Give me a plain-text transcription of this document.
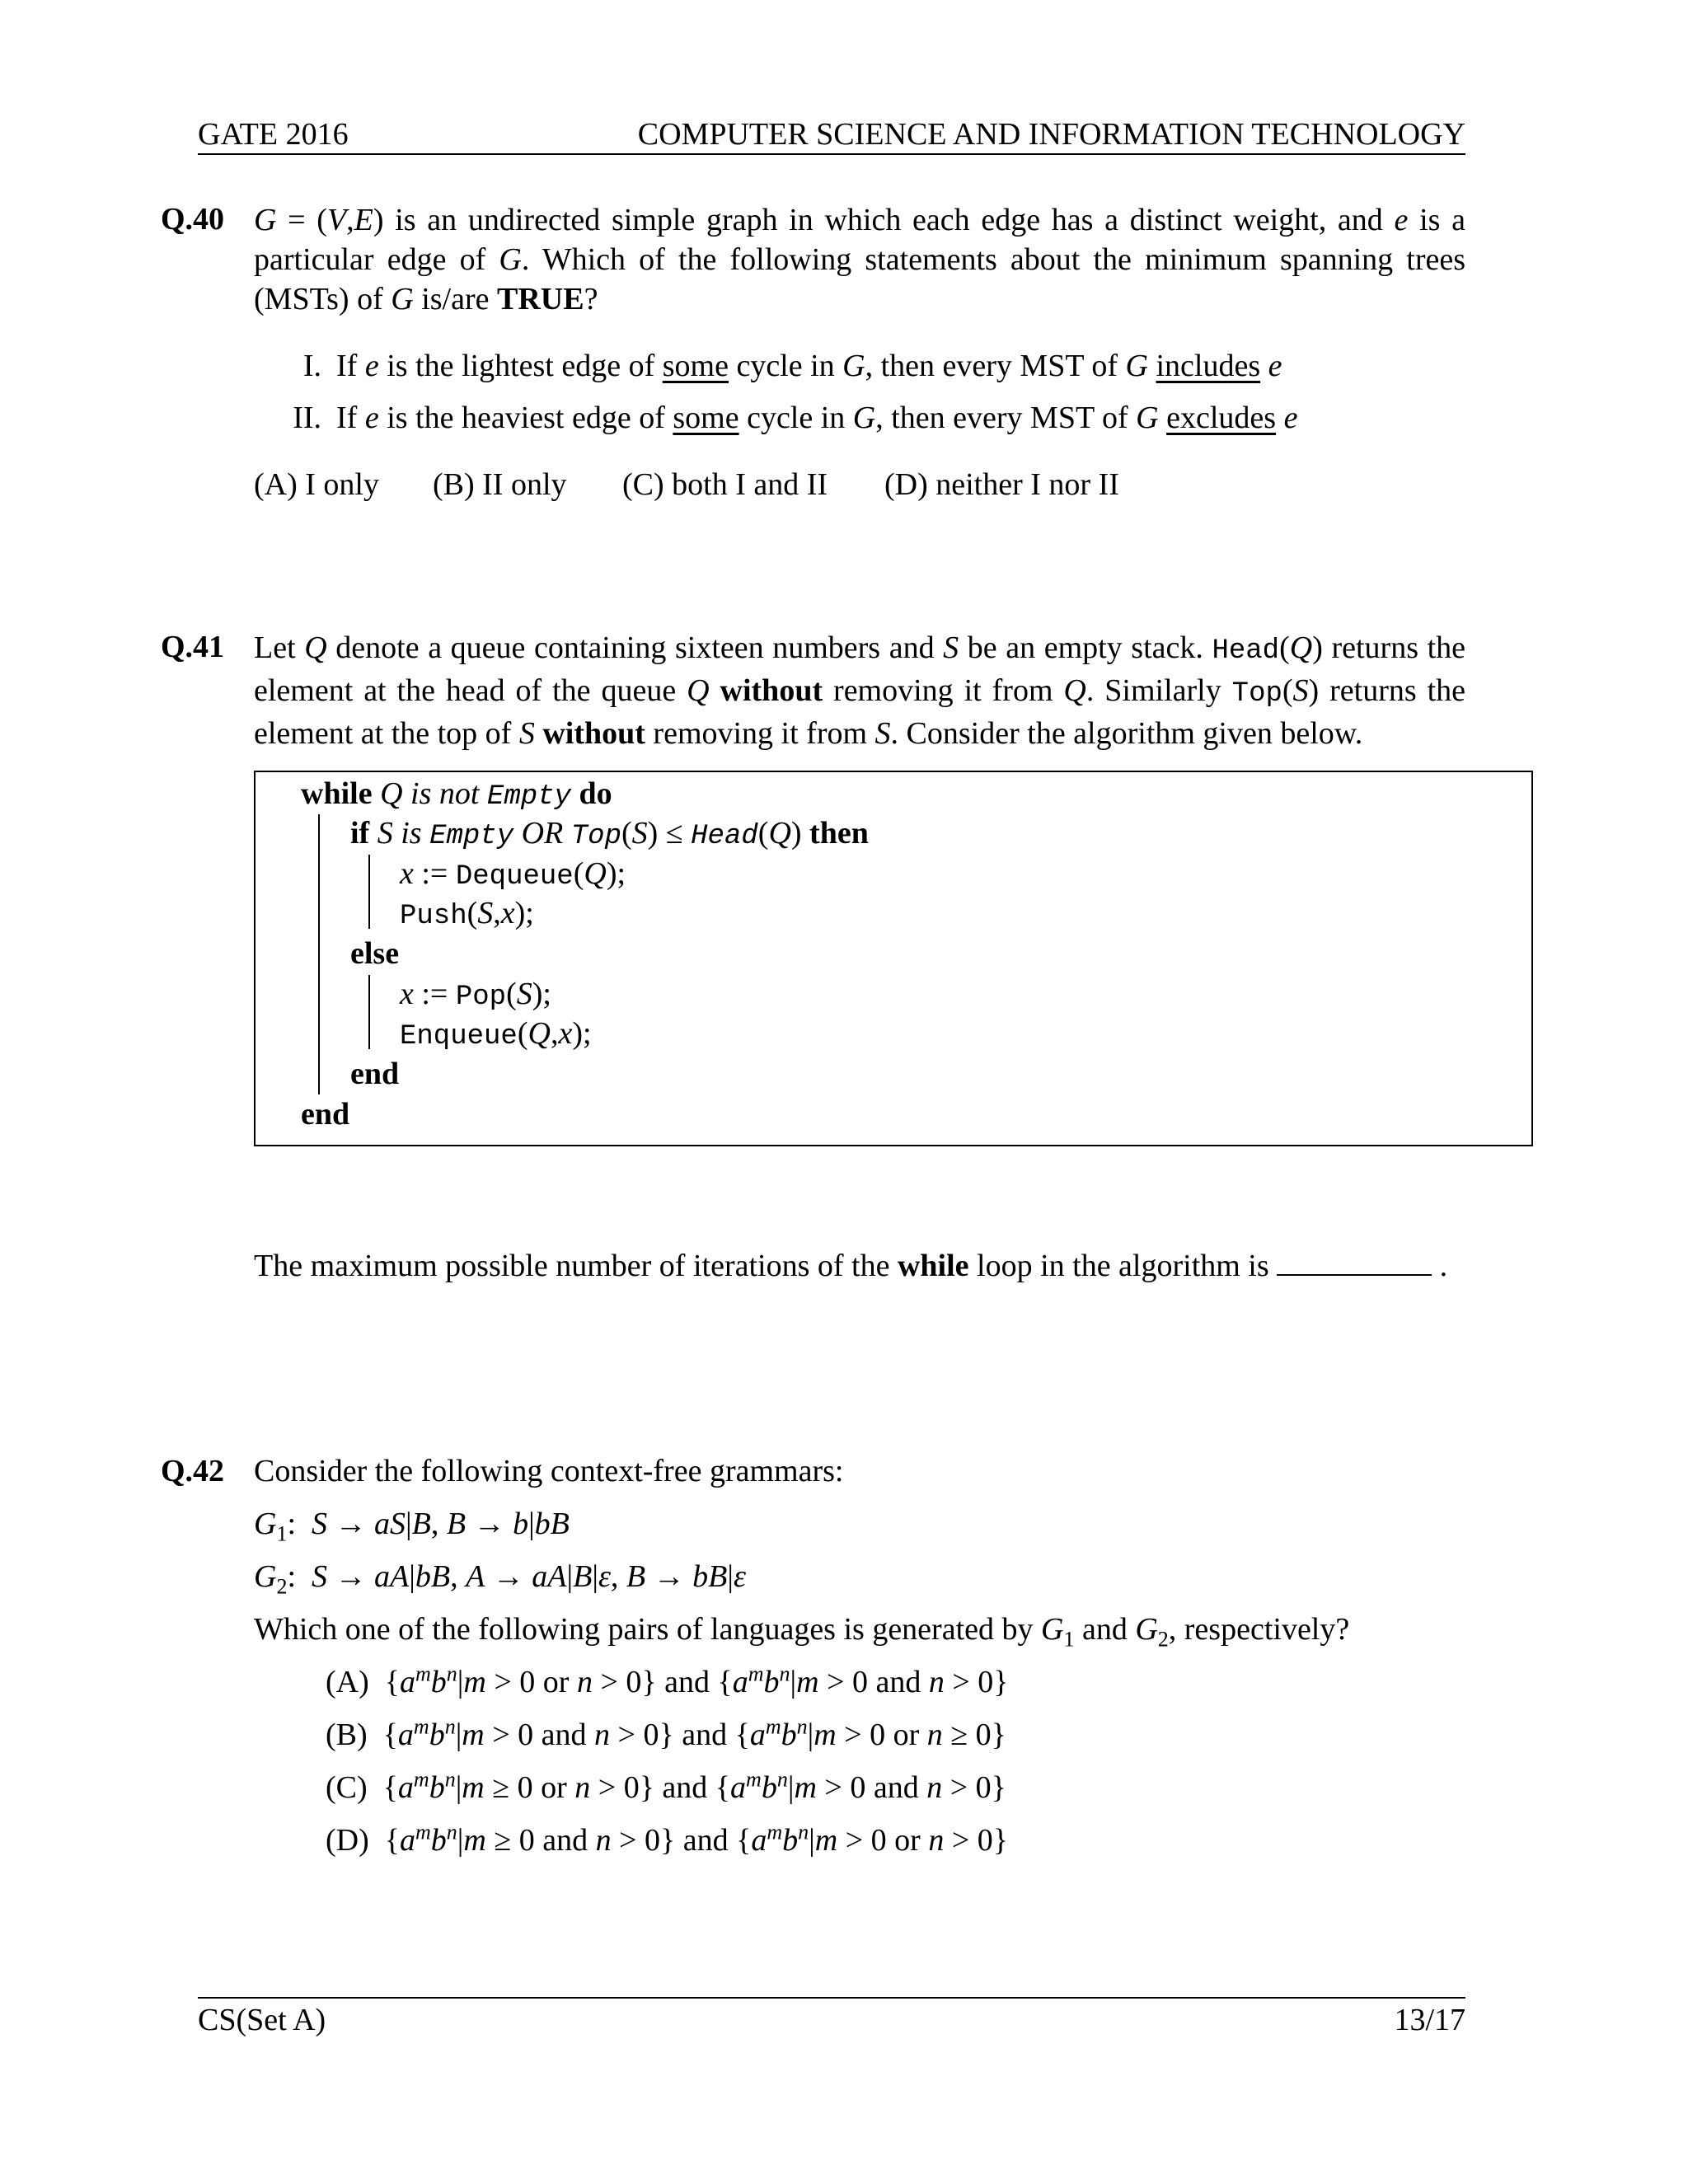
GATE 2016	COMPUTER SCIENCE AND INFORMATION TECHNOLOGY
Q.40 G = (V,E) is an undirected simple graph in which each edge has a distinct weight, and e is a particular edge of G. Which of the following statements about the minimum spanning trees (MSTs) of G is/are TRUE?
I. If e is the lightest edge of some cycle in G, then every MST of G includes e
II. If e is the heaviest edge of some cycle in G, then every MST of G excludes e
(A) I only (B) II only (C) both I and II (D) neither I nor II
Q.41 Let Q denote a queue containing sixteen numbers and S be an empty stack. Head(Q) returns the element at the head of the queue Q without removing it from Q. Similarly Top(S) returns the element at the top of S without removing it from S. Consider the algorithm given below.
while Q is not Empty do
if S is Empty OR Top(S) ≤ Head(Q) then
x := Dequeue(Q);
Push(S,x);
else
x := Pop(S);
Enqueue(Q,x);
end
end
The maximum possible number of iterations of the while loop in the algorithm is	.
Q.42 Consider the following context-free grammars:
$G_1$:  S → aS|B, B → b|bB
$G_2$:  S → aA|bB, A → aA|B|ε, B → bB|ε
Which one of the following pairs of languages is generated by $G_1$ and $G_2$, respectively?
(A)  {$a^mb^n|m > 0$ or n > 0} and {$a^mb^n|m > 0$ and n > 0}
(B)  {$a^mb^n|m > 0$ and n > 0} and {$a^mb^n|m > 0$ or n ≥ 0}
(C)  {$a^mb^n|m \ge 0$ or n > 0} and {$a^mb^n|m > 0$ and n > 0}
(D)  {$a^mb^n|m \ge 0$ and n > 0} and {$a^mb^n|m > 0$ or n > 0}
CS(Set A)	13/17
